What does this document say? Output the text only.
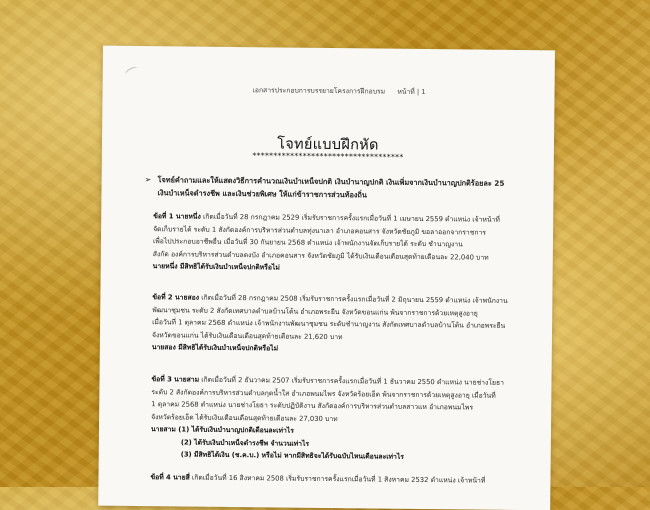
เอกสารประกอบการบรรยายโครงการฝึกอบรม หน้าที่ | 1
โจทย์แบบฝึกหัด
************************************
➢ โจทย์คำถามและให้แสดงวิธีการคำนวณเงินบำเหน็จปกติ เงินบำนาญปกติ เงินเพิ่มจากเงินบำนาญปกติร้อยละ 25
เงินบำเหน็จดำรงชีพ และเงินช่วยพิเศษ ให้แก่ข้าราชการส่วนท้องถิ่น
ข้อที่ 1 นายหนึ่ง เกิดเมื่อวันที่ 28 กรกฎาคม 2529 เริ่มรับราชการครั้งแรกเมื่อวันที่ 1 เมษายน 2559 ตำแหน่ง เจ้าหน้าที่
จัดเก็บรายได้ ระดับ 1 สังกัดองค์การบริหารส่วนตำบลทุ่งนาเลา อำเภอคอนสาร จังหวัดชัยภูมิ ขอลาออกจากราชการ
เพื่อไปประกอบอาชีพอื่น เมื่อวันที่ 30 กันยายน 2568 ตำแหน่ง เจ้าพนักงานจัดเก็บรายได้ ระดับ ชำนาญงาน
สังกัด องค์การบริหารส่วนตำบลดงบัง อำเภอคอนสาร จังหวัดชัยภูมิ ได้รับเงินเดือนเดือนสุดท้ายเดือนละ 22,040 บาท
นายหนึ่ง มีสิทธิได้รับเงินบำเหน็จปกติหรือไม่
ข้อที่ 2 นายสอง เกิดเมื่อวันที่ 28 กรกฎาคม 2508 เริ่มรับราชการครั้งแรกเมื่อวันที่ 2 มิถุนายน 2559 ตำแหน่ง เจ้าพนักงาน
พัฒนาชุมชน ระดับ 2 สังกัดเทศบาลตำบลบ้านโต้น อำเภอพระยืน จังหวัดขอนแก่น พ้นจากราชการด้วยเหตุสูงอายุ
เมื่อวันที่ 1 ตุลาคม 2568 ตำแหน่ง เจ้าพนักงานพัฒนาชุมชน ระดับชำนาญงาน สังกัดเทศบาลตำบลบ้านโต้น อำเภอพระยืน
จังหวัดขอนแก่น ได้รับเงินเดือนเดือนสุดท้ายเดือนละ 21,620 บาท
นายสอง มีสิทธิได้รับเงินบำเหน็จปกติหรือไม่
ข้อที่ 3 นายสาม เกิดเมื่อวันที่ 2 ธันวาคม 2507 เริ่มรับราชการครั้งแรกเมื่อวันที่ 1 ธันวาคม 2550 ตำแหน่ง นายช่างโยธา
ระดับ 2 สังกัดองค์การบริหารส่วนตำบลกุดน้ำใส อำเภอพนมไพร จังหวัดร้อยเอ็ด พ้นจากราชการด้วยเหตุสูงอายุ เมื่อวันที่
1 ตุลาคม 2568 ตำแหน่ง นายช่างโยธา ระดับปฏิบัติงาน สังกัดองค์การบริหารส่วนตำบลสาวแห อำเภอพนมไพร
จังหวัดร้อยเอ็ด ได้รับเงินเดือนเดือนสุดท้ายเดือนละ 27,030 บาท
นายสาม (1) ได้รับเงินบำนาญปกติเดือนละเท่าไร
(2) ได้รับเงินบำเหน็จดำรงชีพ จำนวนเท่าไร
(3) มีสิทธิได้เงิน (ช.ค.บ.) หรือไม่ หากมีสิทธิจะได้รับฉบับไหนเดือนละเท่าไร
ข้อที่ 4 นายสี่ เกิดเมื่อวันที่ 16 สิงหาคม 2508 เริ่มรับราชการครั้งแรกเมื่อวันที่ 1 สิงหาคม 2532 ตำแหน่ง เจ้าหน้าที่
